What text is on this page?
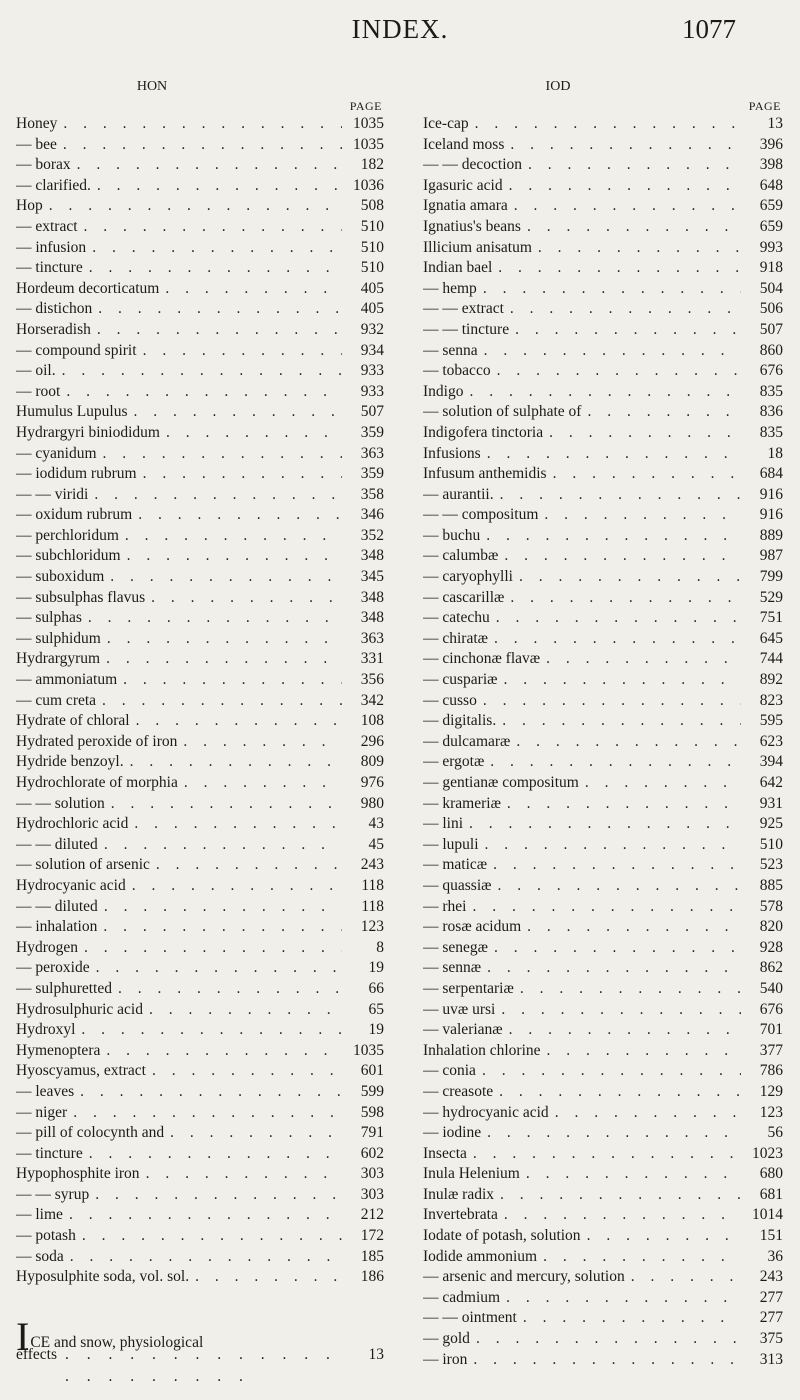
INDEX.	1077
HON
PAGE
Honey . . .	1035
— bee . . .	1035
— borax . . .	182
— clarified. . . .	1036
Hop . . .	508
— extract . . .	510
— infusion . . .	510
— tincture . . .	510
Hordeum decorticatum . . .	405
— distichon . . .	405
Horseradish . . .	932
— compound spirit . . .	934
— oil. . . .	933
— root . . .	933
Humulus Lupulus . . .	507
Hydrargyri biniodidum . . .	359
— cyanidum . . .	363
— iodidum rubrum . . .	359
— — viridi . . .	358
— oxidum rubrum . . .	346
— perchloridum . . .	352
— subchloridum . . .	348
— suboxidum . . .	345
— subsulphas flavus . . .	348
— sulphas . . .	348
— sulphidum . . .	363
Hydrargyrum . . .	331
— ammoniatum . . .	356
— cum creta . . .	342
Hydrate of chloral . . .	108
Hydrated peroxide of iron . . .	296
Hydride benzoyl. . . .	809
Hydrochlorate of morphia . . .	976
— — solution . . .	980
Hydrochloric acid . . .	43
— — diluted . . .	45
— solution of arsenic . . .	243
Hydrocyanic acid . . .	118
— — diluted . . .	118
— inhalation . . .	123
Hydrogen . . .	8
— peroxide . . .	19
— sulphuretted . . .	66
Hydrosulphuric acid . . .	65
Hydroxyl . . .	19
Hymenoptera . . .	1035
Hyoscyamus, extract . . .	601
— leaves . . .	599
— niger . . .	598
— pill of colocynth and . . .	791
— tincture . . .	602
Hypophosphite iron . . .	303
— — syrup . . .	303
— lime . . .	212
— potash . . .	172
— soda . . .	185
Hyposulphite soda, vol. sol. . . .	186
IOD
PAGE
Ice-cap . . .	13
Iceland moss . . .	396
— — decoction . . .	398
Igasuric acid . . .	648
Ignatia amara . . .	659
Ignatius's beans . . .	659
Illicium anisatum . . .	993
Indian bael . . .	918
— hemp . . .	504
— — extract . . .	506
— — tincture . . .	507
— senna . . .	860
— tobacco . . .	676
Indigo . . .	835
— solution of sulphate of . . .	836
Indigofera tinctoria . . .	835
Infusions . . .	18
Infusum anthemidis . . .	684
— aurantii. . . .	916
— — compositum . . .	916
— buchu . . .	889
— calumbæ . . .	987
— caryophylli . . .	799
— cascarillæ . . .	529
— catechu . . .	751
— chiratæ . . .	645
— cinchonæ flavæ . . .	744
— cuspariæ . . .	892
— cusso . . .	823
— digitalis. . . .	595
— dulcamaræ . . .	623
— ergotæ . . .	394
— gentianæ compositum . . .	642
— krameriæ . . .	931
— lini . . .	925
— lupuli . . .	510
— maticæ . . .	523
— quassiæ . . .	885
— rhei . . .	578
— rosæ acidum . . .	820
— senegæ . . .	928
— sennæ . . .	862
— serpentariæ . . .	540
— uvæ ursi . . .	676
— valerianæ . . .	701
Inhalation chlorine . . .	377
— conia . . .	786
— creasote . . .	129
— hydrocyanic acid . . .	123
— iodine . . .	56
Insecta . . .	1023
Inula Helenium . . .	680
Inulæ radix . . .	681
Invertebrata . . .	1014
Iodate of potash, solution . . .	151
Iodide ammonium . . .	36
— arsenic and mercury, solution . . .	243
— cadmium . . .	277
— — ointment . . .	277
— gold . . .	375
— iron . . .	313
ICE and snow, physiological
effects . . .	13
